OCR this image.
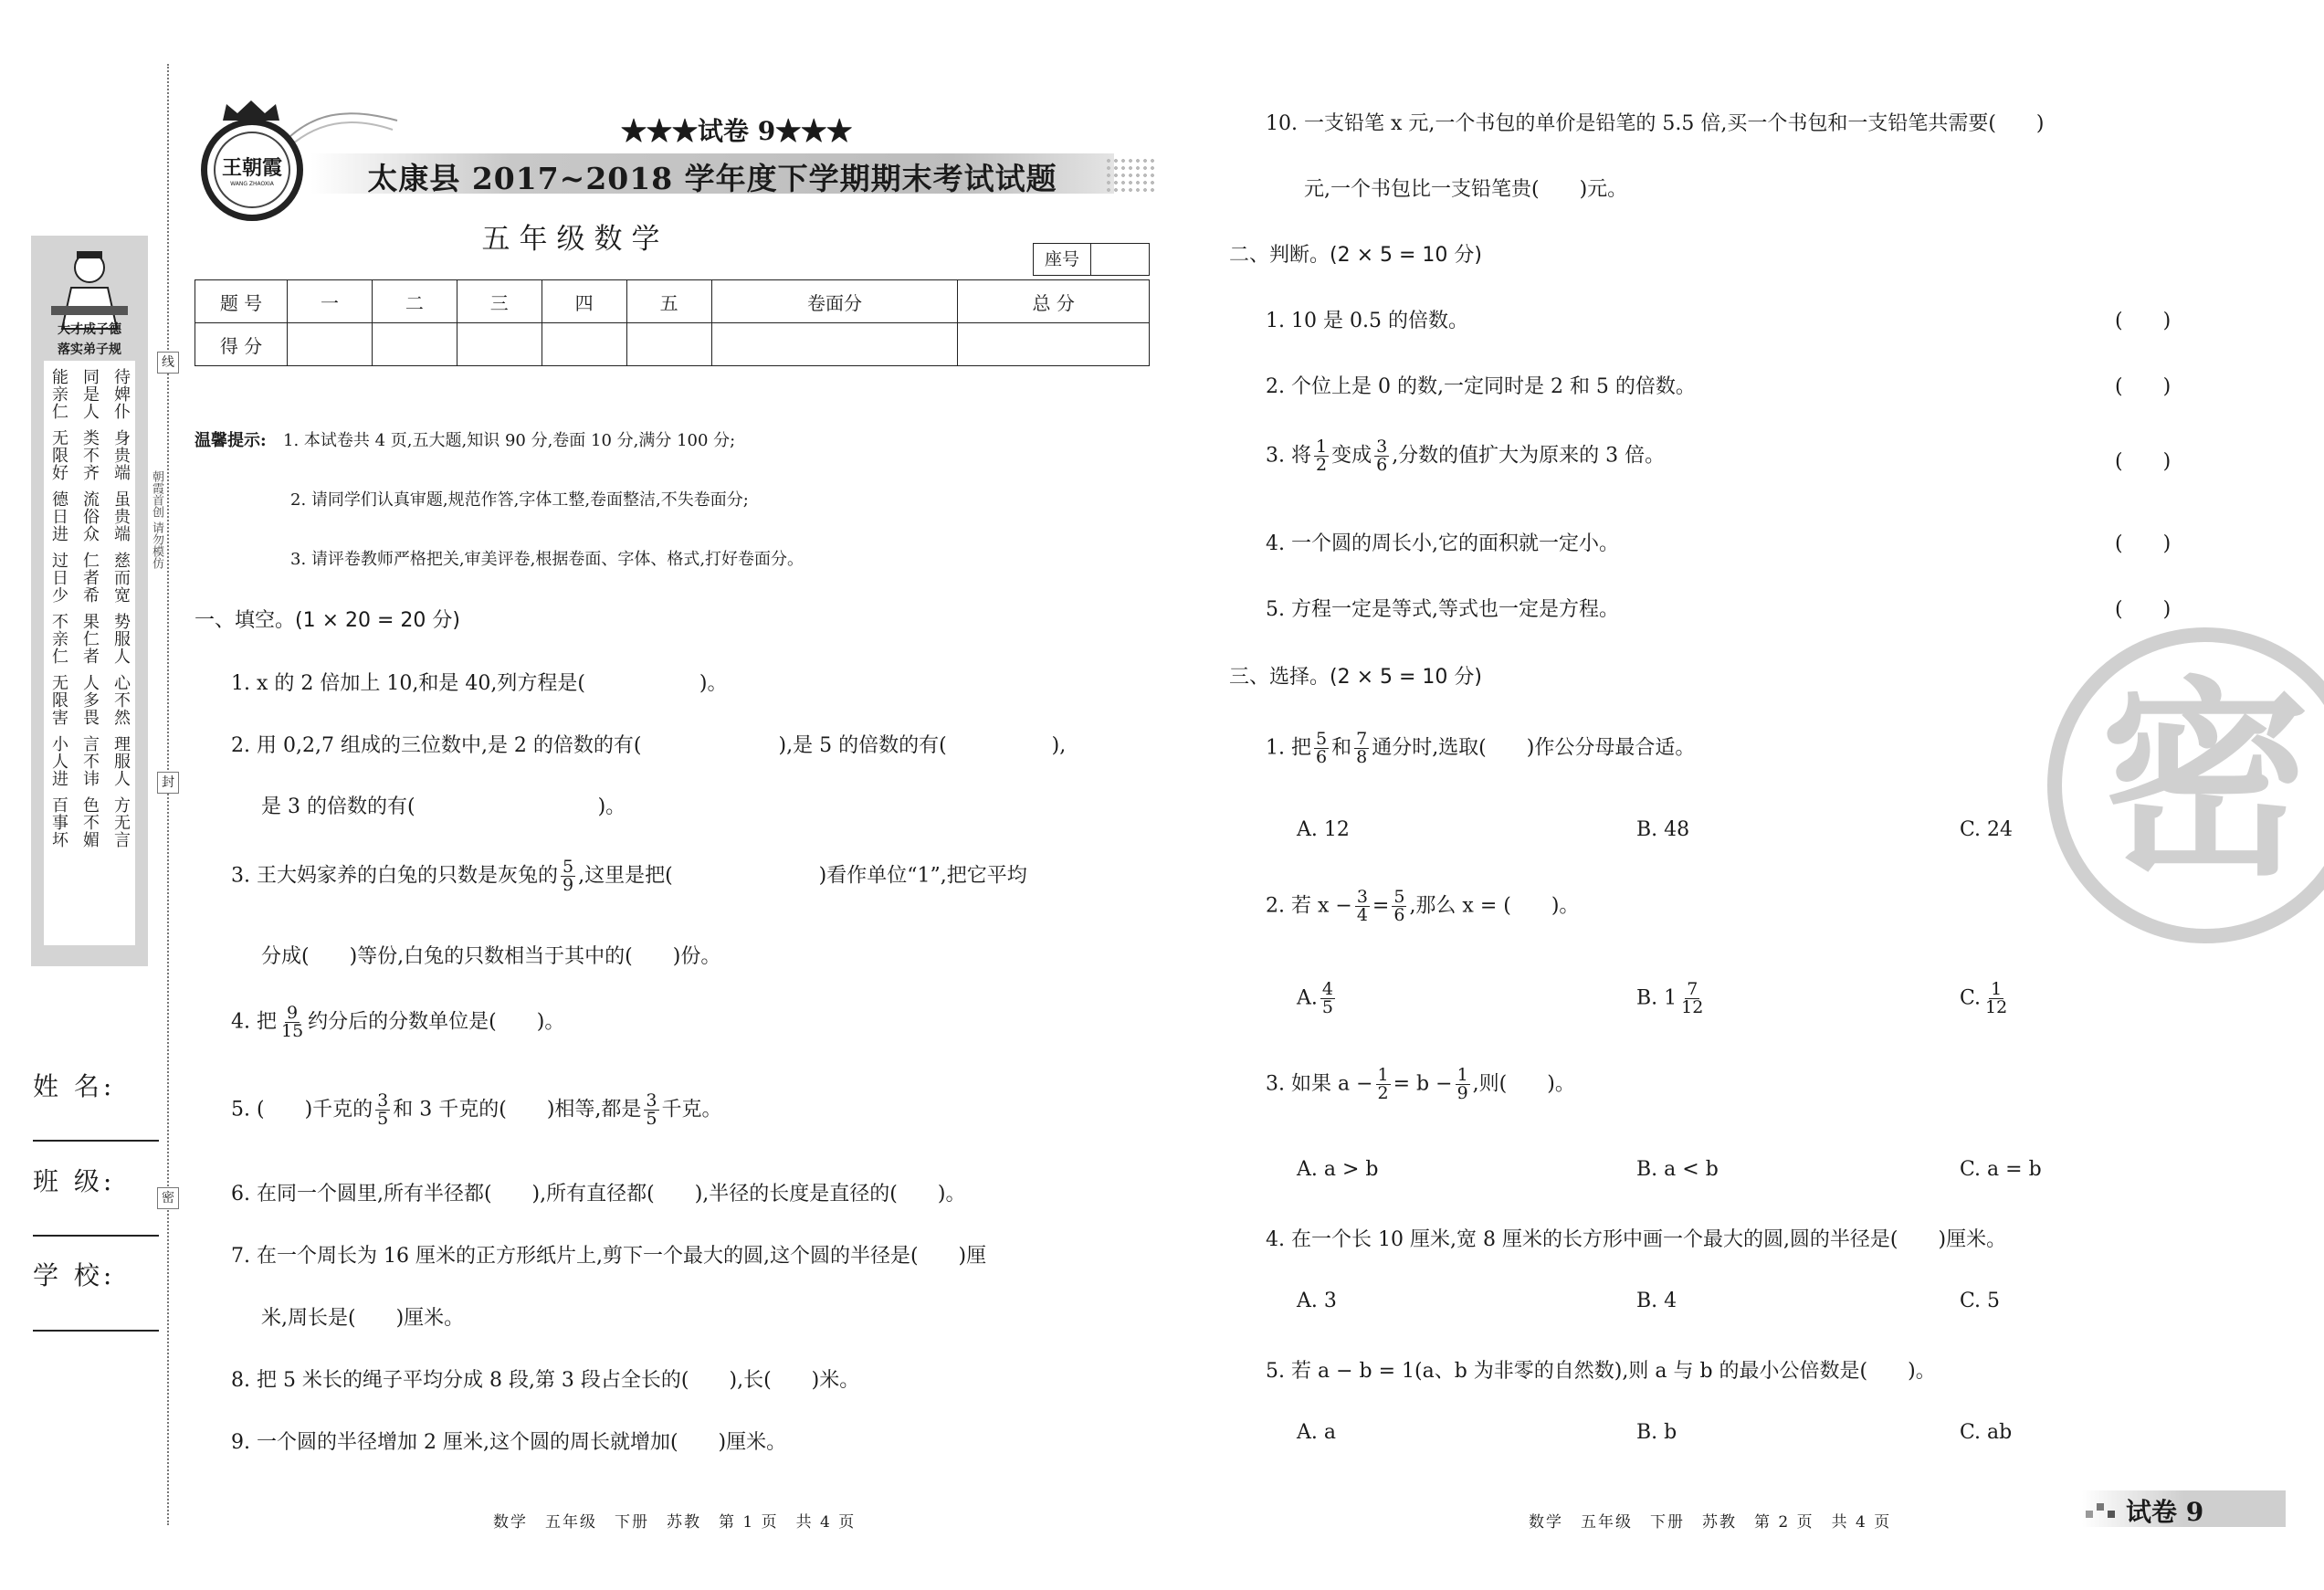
大才成子德
落实弟子规
能亲仁 同是人 待婢仆
无限好 类不齐 身贵端
德日进 流俗众 虽贵端
过日少 仁者希 慈而宽
不亲仁 果仁者 势服人
无限害 人多畏 心不然
小人进 言不讳 理服人
百事坏 色不媚 方无言
线
封
密
朝霞首创 请勿模仿
姓 名:
班 级:
学 校:
王朝霞
WANG ZHAOXIA
★★★试卷 9★★★
太康县 2017~2018 学年度下学期期末考试试题
五年级数学
座号
题 号	一	二	三	四	五	卷面分	总 分
得 分							
温馨提示: 1. 本试卷共 4 页,五大题,知识 90 分,卷面 10 分,满分 100 分;
2. 请同学们认真审题,规范作答,字体工整,卷面整洁,不失卷面分;
3. 请评卷教师严格把关,审美评卷,根据卷面、字体、格式,打好卷面分。
一、填空。(1 × 20 = 20 分)
1. x 的 2 倍加上 10,和是 40,列方程是(	)。
2. 用 0,2,7 组成的三位数中,是 2 的倍数的有(	),是 5 的倍数的有(	),
是 3 的倍数的有(	)。
3. 王大妈家养的白兔的只数是灰兔的 $\frac{5}{9}$ ,这里是把(	)看作单位“1”,把它平均
分成(　　)等份,白兔的只数相当于其中的(　　)份。
4. 把 $\frac{9}{15}$ 约分后的分数单位是(　　)。
5. (　　)千克的 $\frac{3}{5}$ 和 3 千克的(　　)相等,都是 $\frac{3}{5}$ 千克。
6. 在同一个圆里,所有半径都(　　),所有直径都(　　),半径的长度是直径的(　　)。
7. 在一个周长为 16 厘米的正方形纸片上,剪下一个最大的圆,这个圆的半径是(　　)厘
米,周长是(　　)厘米。
8. 把 5 米长的绳子平均分成 8 段,第 3 段占全长的(　　),长(　　)米。
9. 一个圆的半径增加 2 厘米,这个圆的周长就增加(　　)厘米。
10. 一支铅笔 x 元,一个书包的单价是铅笔的 5.5 倍,买一个书包和一支铅笔共需要(　　)
元,一个书包比一支铅笔贵(　　)元。
二、判断。(2 × 5 = 10 分)
1. 10 是 0.5 的倍数。	(　　)
2. 个位上是 0 的数,一定同时是 2 和 5 的倍数。	(　　)
3. 将 $\frac{1}{2}$ 变成 $\frac{3}{6}$ ,分数的值扩大为原来的 3 倍。	(　　)
4. 一个圆的周长小,它的面积就一定小。	(　　)
5. 方程一定是等式,等式也一定是方程。	(　　)
三、选择。(2 × 5 = 10 分)
1. 把 $\frac{5}{6}$ 和 $\frac{7}{8}$ 通分时,选取(　　)作公分母最合适。
A. 12	B. 48	C. 24
2. 若 $x - \frac{3}{4} = \frac{5}{6}$ ,那么 x = (　　)。
A. $\frac{4}{5}$	B. $1 \frac{7}{12}$	C. $\frac{1}{12}$
3. 如果 $a - \frac{1}{2} = b - \frac{1}{9}$ ,则(　　)。
A. a > b	B. a < b	C. a = b
4. 在一个长 10 厘米,宽 8 厘米的长方形中画一个最大的圆,圆的半径是(　　)厘米。
A. 3	B. 4	C. 5
5. 若 a − b = 1(a、b 为非零的自然数),则 a 与 b 的最小公倍数是(　　)。
A. a	B. b	C. ab
密
数学　五年级　下册　苏教　第 1 页　共 4 页	数学　五年级　下册　苏教　第 2 页　共 4 页	试卷 9
